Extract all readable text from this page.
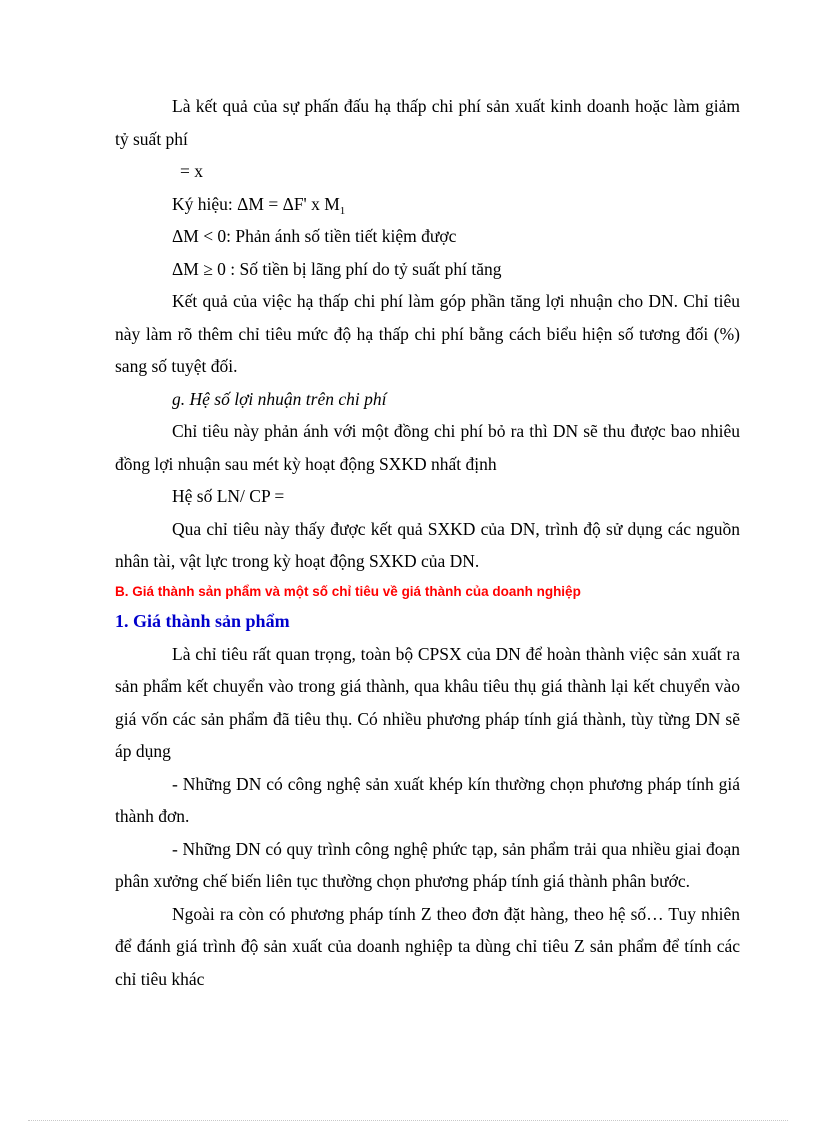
Là kết quả của sự phấn đấu hạ thấp chi phí sản xuất kinh doanh hoặc làm giảm tỷ suất phí

= x

Ký hiệu: ΔM = ΔF' x $M_1$

ΔM < 0: Phản ánh số tiền tiết kiệm được

ΔM ≥ 0 : Số tiền bị lãng phí do tỷ suất phí tăng

Kết quả của việc hạ thấp chi phí làm góp phần tăng lợi nhuận cho DN. Chỉ tiêu này làm rõ thêm chỉ tiêu mức độ hạ thấp chi phí bằng cách biểu hiện số tương đối (%) sang số tuyệt đối.

g. Hệ số lợi nhuận trên chi phí

Chỉ tiêu này phản ánh với một đồng chi phí bỏ ra thì DN sẽ thu được bao nhiêu đồng lợi nhuận sau mét kỳ hoạt động SXKD nhất định

Hệ số LN/ CP =

Qua chỉ tiêu này thấy được kết quả SXKD của DN, trình độ sử dụng các nguồn nhân tài, vật lực trong kỳ hoạt động SXKD của DN.

B. Giá thành sản phẩm và một số chỉ tiêu về giá thành của doanh nghiệp

1. Giá thành sản phẩm

Là chỉ tiêu rất quan trọng, toàn bộ CPSX của DN để hoàn thành việc sản xuất ra sản phẩm kết chuyển vào trong giá thành, qua khâu tiêu thụ giá thành lại kết chuyển vào giá vốn các sản phẩm đã tiêu thụ. Có nhiều phương pháp tính giá thành, tùy từng DN sẽ áp dụng

- Những DN có công nghệ sản xuất khép kín thường chọn phương pháp tính giá thành đơn.

- Những DN có quy trình công nghệ phức tạp, sản phẩm trải qua nhiều giai đoạn phân xưởng chế biến liên tục thường chọn phương pháp tính giá thành phân bước.

Ngoài ra còn có phương pháp tính Z theo đơn đặt hàng, theo hệ số… Tuy nhiên để đánh giá trình độ sản xuất của doanh nghiệp ta dùng chỉ tiêu Z sản phẩm để tính các chỉ tiêu khác
